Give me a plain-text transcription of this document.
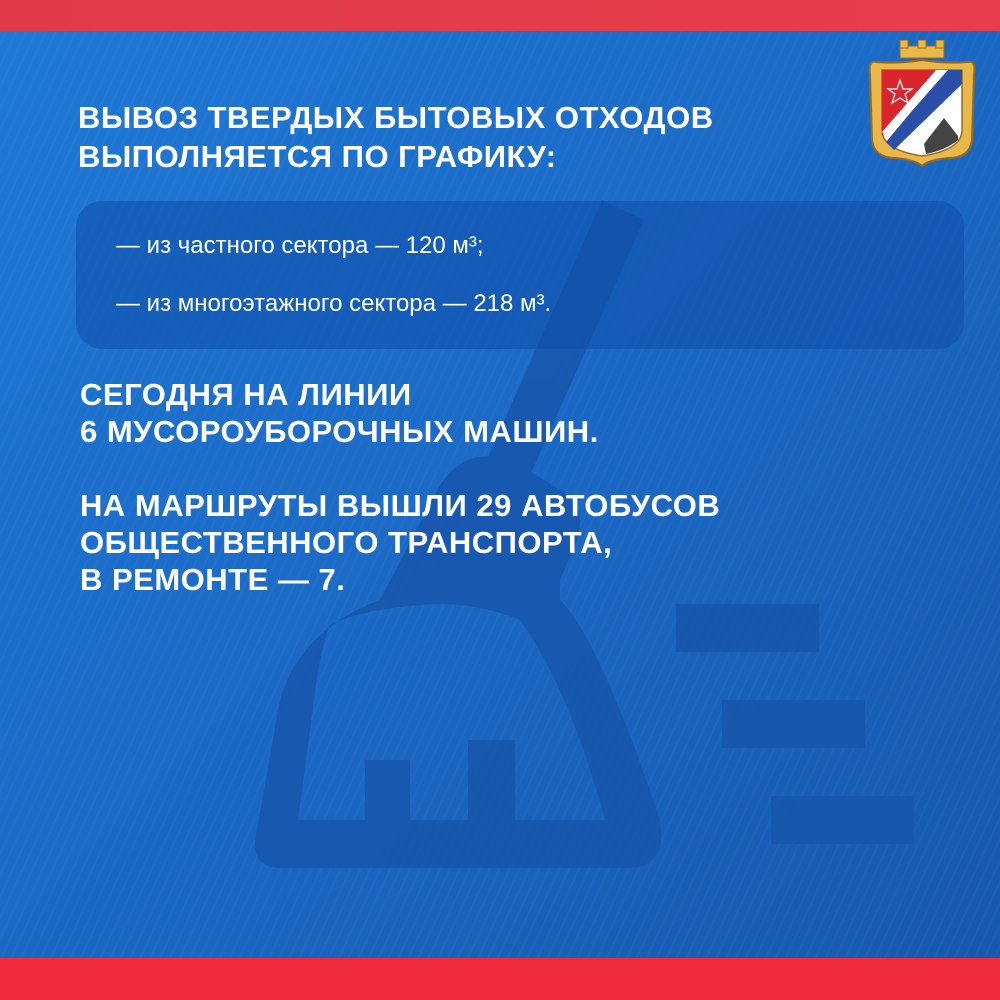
ВЫВОЗ ТВЕРДЫХ БЫТОВЫХ ОТХОДОВ
ВЫПОЛНЯЕТСЯ ПО ГРАФИКУ:

— из частного сектора — 120 м³;

— из многоэтажного сектора — 218 м³.

СЕГОДНЯ НА ЛИНИИ
6 МУСОРОУБОРОЧНЫХ МАШИН.

НА МАРШРУТЫ ВЫШЛИ 29 АВТОБУСОВ
ОБЩЕСТВЕННОГО ТРАНСПОРТА,
В РЕМОНТЕ — 7.
